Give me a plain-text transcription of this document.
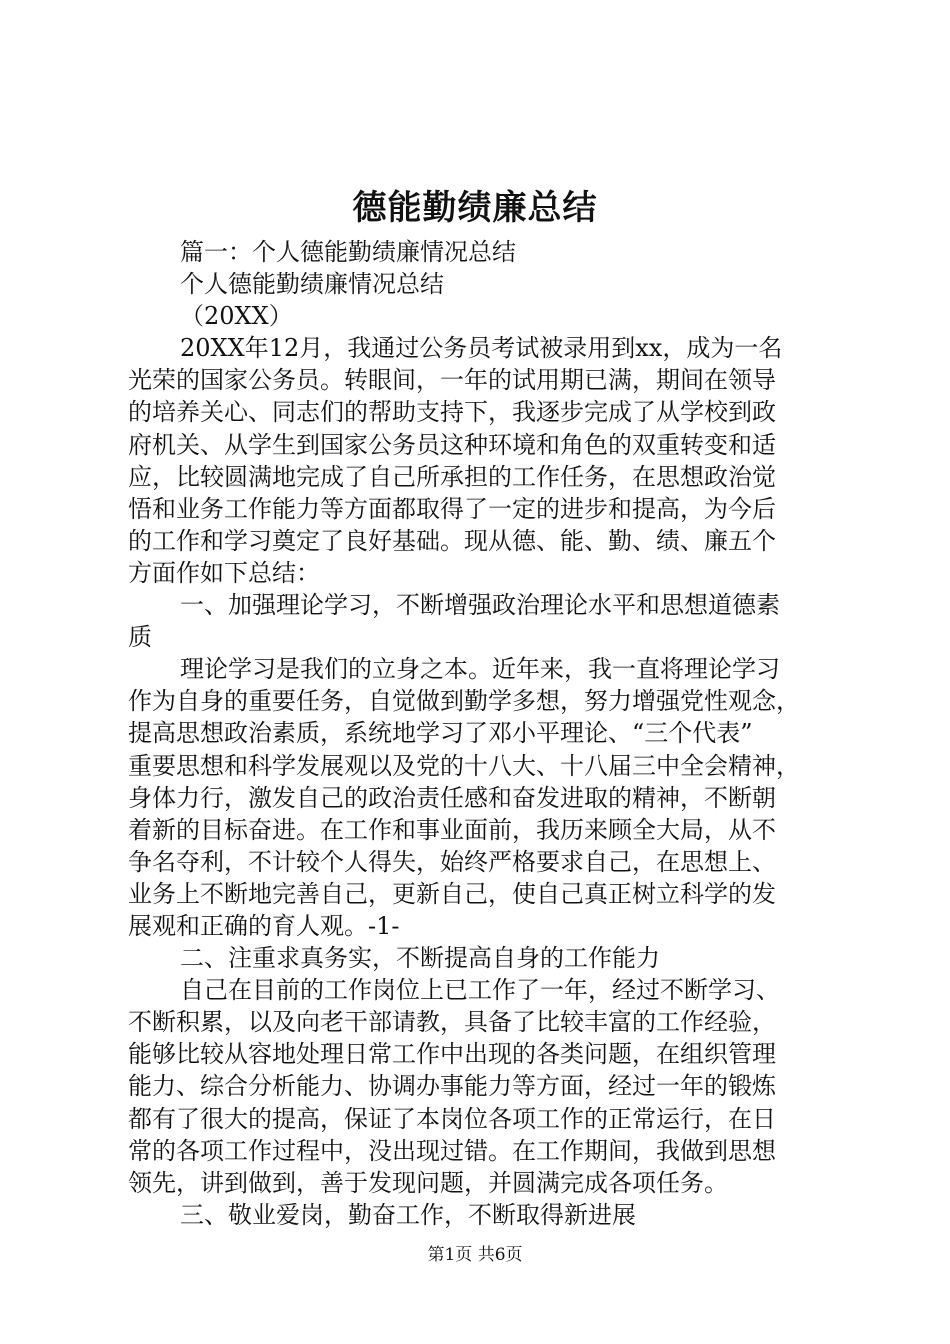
德能勤绩廉总结
篇一：个人德能勤绩廉情况总结
个人德能勤绩廉情况总结
（20XX）
20XX年12月，我通过公务员考试被录用到xx，成为一名
光荣的国家公务员。转眼间，一年的试用期已满，期间在领导
的培养关心、同志们的帮助支持下，我逐步完成了从学校到政
府机关、从学生到国家公务员这种环境和角色的双重转变和适
应，比较圆满地完成了自己所承担的工作任务，在思想政治觉
悟和业务工作能力等方面都取得了一定的进步和提高，为今后
的工作和学习奠定了良好基础。现从德、能、勤、绩、廉五个
方面作如下总结：
一、加强理论学习，不断增强政治理论水平和思想道德素
质
理论学习是我们的立身之本。近年来，我一直将理论学习
作为自身的重要任务，自觉做到勤学多想，努力增强党性观念，
提高思想政治素质，系统地学习了邓小平理论、“三个代表”
重要思想和科学发展观以及党的十八大、十八届三中全会精神，
身体力行，激发自己的政治责任感和奋发进取的精神，不断朝
着新的目标奋进。在工作和事业面前，我历来顾全大局，从不
争名夺利，不计较个人得失，始终严格要求自己，在思想上、
业务上不断地完善自己，更新自己，使自己真正树立科学的发
展观和正确的育人观。-1-
二、注重求真务实，不断提高自身的工作能力
自己在目前的工作岗位上已工作了一年，经过不断学习、
不断积累，以及向老干部请教，具备了比较丰富的工作经验，
能够比较从容地处理日常工作中出现的各类问题，在组织管理
能力、综合分析能力、协调办事能力等方面，经过一年的锻炼
都有了很大的提高，保证了本岗位各项工作的正常运行，在日
常的各项工作过程中，没出现过错。在工作期间，我做到思想
领先，讲到做到，善于发现问题，并圆满完成各项任务。
三、敬业爱岗，勤奋工作，不断取得新进展
第1页 共6页
